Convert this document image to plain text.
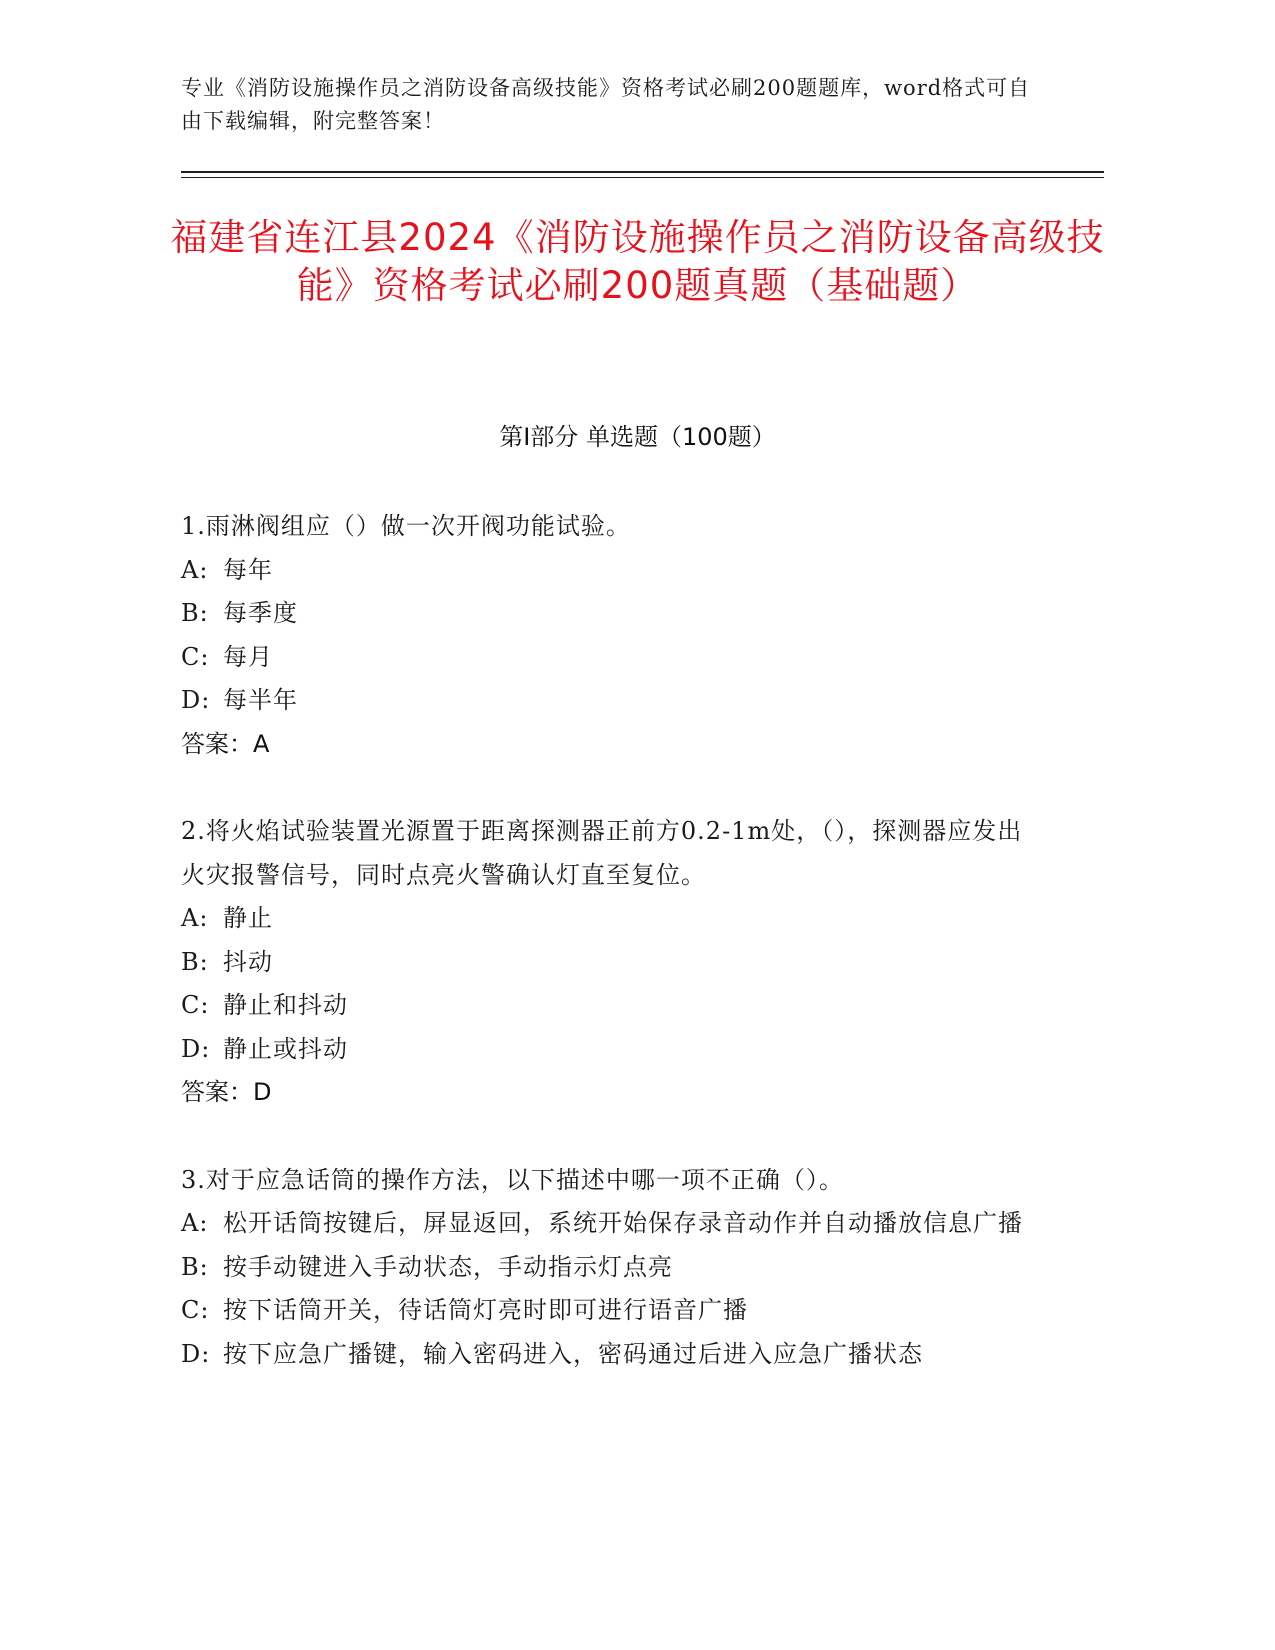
专业《消防设施操作员之消防设备高级技能》资格考试必刷200题题库，word格式可自由下载编辑，附完整答案！
福建省连江县2024《消防设施操作员之消防设备高级技能》资格考试必刷200题真题（基础题）
第Ⅰ部分 单选题（100题）
1.雨淋阀组应（）做一次开阀功能试验。
A: 每年
B: 每季度
C: 每月
D: 每半年
答案：A
2.将火焰试验装置光源置于距离探测器正前方0.2-1m处，（），探测器应发出火灾报警信号，同时点亮火警确认灯直至复位。
A: 静止
B: 抖动
C: 静止和抖动
D: 静止或抖动
答案：D
3.对于应急话筒的操作方法，以下描述中哪一项不正确（）。
A: 松开话筒按键后，屏显返回，系统开始保存录音动作并自动播放信息广播
B: 按手动键进入手动状态，手动指示灯点亮
C: 按下话筒开关，待话筒灯亮时即可进行语音广播
D: 按下应急广播键，输入密码进入，密码通过后进入应急广播状态
